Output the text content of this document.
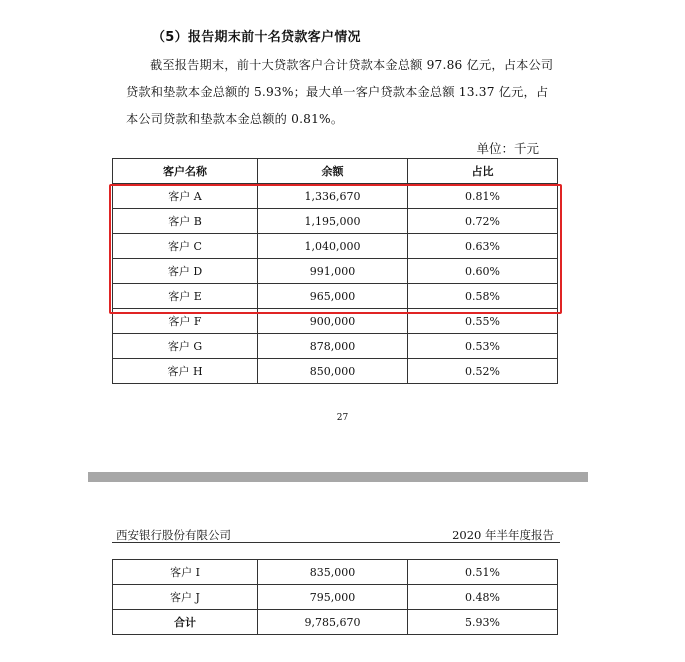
（5）报告期末前十名贷款客户情况
截至报告期末，前十大贷款客户合计贷款本金总额 97.86 亿元，占本公司贷款和垫款本金总额的 5.93%；最大单一客户贷款本金总额 13.37 亿元，占本公司贷款和垫款本金总额的 0.81%。
单位：千元
客户名称	余额	占比
客户 A	1,336,670	0.81%
客户 B	1,195,000	0.72%
客户 C	1,040,000	0.63%
客户 D	991,000	0.60%
客户 E	965,000	0.58%
客户 F	900,000	0.55%
客户 G	878,000	0.53%
客户 H	850,000	0.52%
27
西安银行股份有限公司	2020 年半年度报告
客户 I	835,000	0.51%
客户 J	795,000	0.48%
合计	9,785,670	5.93%
